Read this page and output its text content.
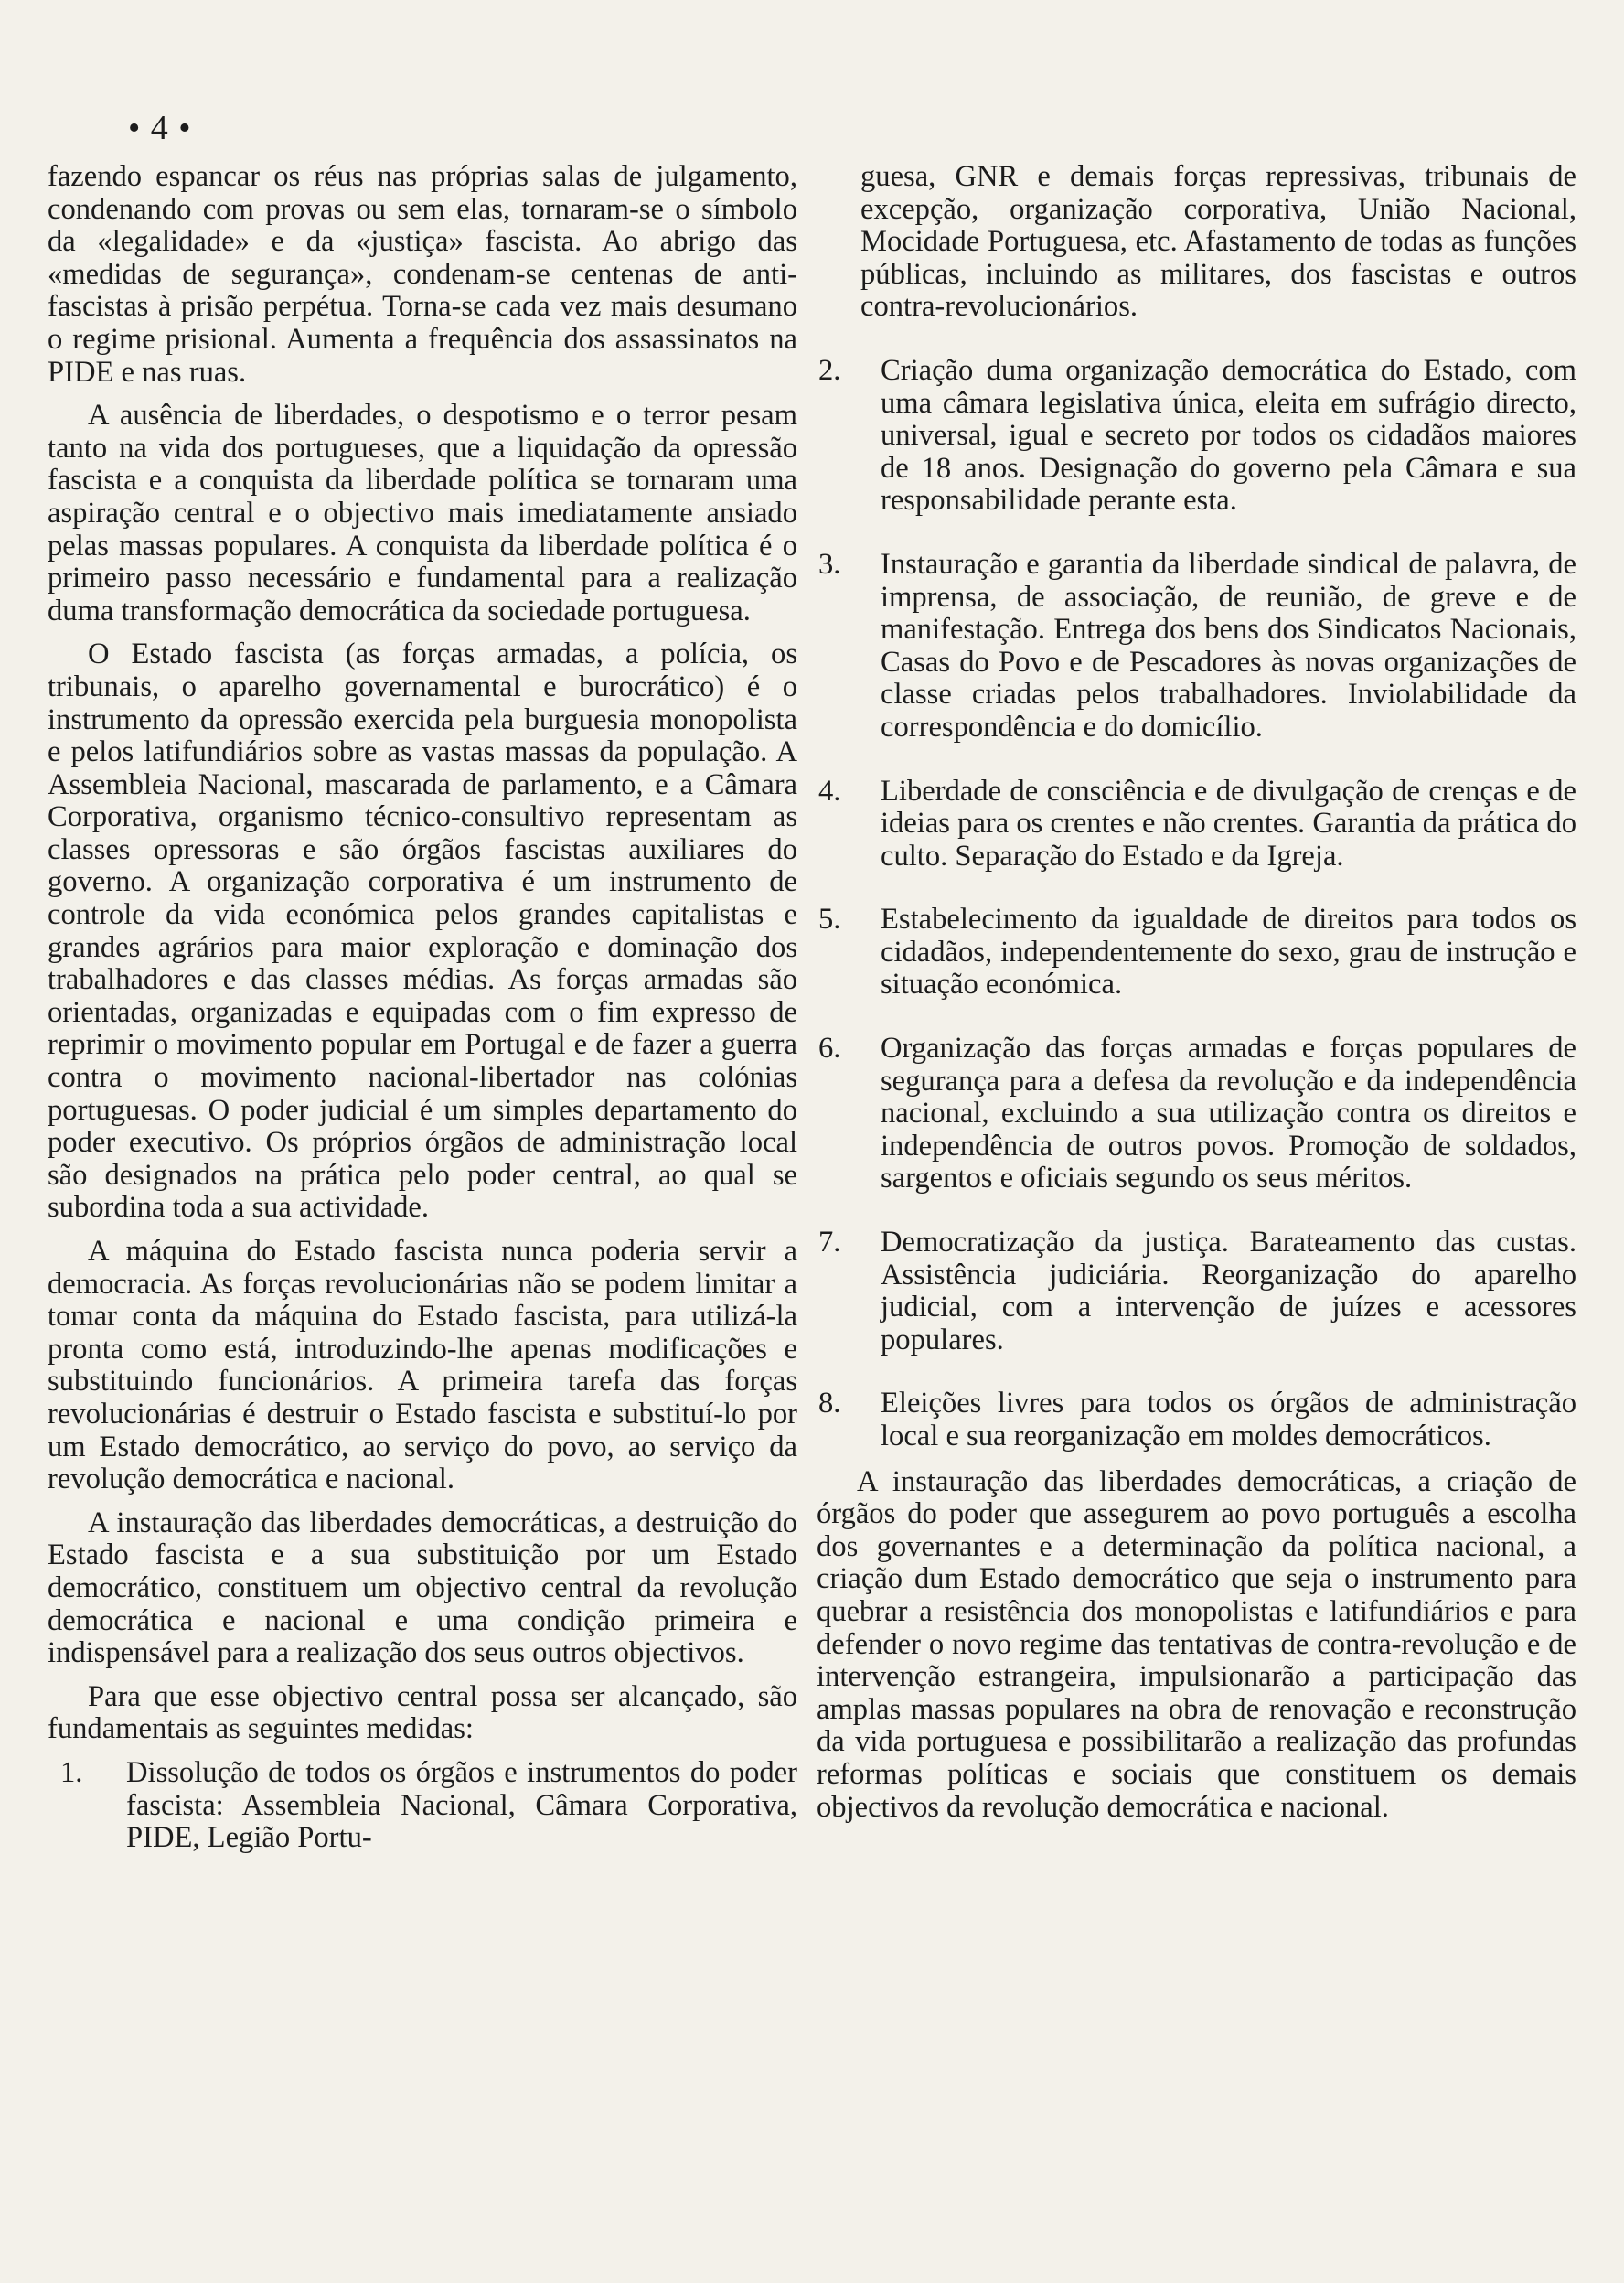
• 4 •

fazendo espancar os réus nas próprias salas de julgamento, condenando com provas ou sem elas, tornaram-se o símbolo da «legalidade» e da «justiça» fascista. Ao abrigo das «medidas de segurança», condenam-se centenas de anti-fascistas à prisão perpétua. Torna-se cada vez mais desumano o regime prisional. Aumenta a frequência dos assassinatos na PIDE e nas ruas.

A ausência de liberdades, o despotismo e o terror pesam tanto na vida dos portugueses, que a liquidação da opressão fascista e a conquista da liberdade política se tornaram uma aspiração central e o objectivo mais imediatamente ansiado pelas massas populares. A conquista da liberdade política é o primeiro passo necessário e fundamental para a realização duma transformação democrática da sociedade portuguesa.

O Estado fascista (as forças armadas, a polícia, os tribunais, o aparelho governamental e burocrático) é o instrumento da opressão exercida pela burguesia monopolista e pelos latifundiários sobre as vastas massas da população. A Assembleia Nacional, mascarada de parlamento, e a Câmara Corporativa, organismo técnico-consultivo representam as classes opressoras e são órgãos fascistas auxiliares do governo. A organização corporativa é um instrumento de controle da vida económica pelos grandes capitalistas e grandes agrários para maior exploração e dominação dos trabalhadores e das classes médias. As forças armadas são orientadas, organizadas e equipadas com o fim expresso de reprimir o movimento popular em Portugal e de fazer a guerra contra o movimento nacional-libertador nas colónias portuguesas. O poder judicial é um simples departamento do poder executivo. Os próprios órgãos de administração local são designados na prática pelo poder central, ao qual se subordina toda a sua actividade.

A máquina do Estado fascista nunca poderia servir a democracia. As forças revolucionárias não se podem limitar a tomar conta da máquina do Estado fascista, para utilizá-la pronta como está, introduzindo-lhe apenas modificações e substituindo funcionários. A primeira tarefa das forças revolucionárias é destruir o Estado fascista e substituí-lo por um Estado democrático, ao serviço do povo, ao serviço da revolução democrática e nacional.

A instauração das liberdades democráticas, a destruição do Estado fascista e a sua substituição por um Estado democrático, constituem um objectivo central da revolução democrática e nacional e uma condição primeira e indispensável para a realização dos seus outros objectivos.

Para que esse objectivo central possa ser alcançado, são fundamentais as seguintes medidas:

1.	Dissolução de todos os órgãos e instrumentos do poder fascista: Assembleia Nacional, Câmara Corporativa, PIDE, Legião Portu-
guesa, GNR e demais forças repressivas, tribunais de excepção, organização corporativa, União Nacional, Mocidade Portuguesa, etc. Afastamento de todas as funções públicas, incluindo as militares, dos fascistas e outros contra-revolucionários.
2.	Criação duma organização democrática do Estado, com uma câmara legislativa única, eleita em sufrágio directo, universal, igual e secreto por todos os cidadãos maiores de 18 anos. Designação do governo pela Câmara e sua responsabilidade perante esta.
3.	Instauração e garantia da liberdade sindical de palavra, de imprensa, de associação, de reunião, de greve e de manifestação. Entrega dos bens dos Sindicatos Nacionais, Casas do Povo e de Pescadores às novas organizações de classe criadas pelos trabalhadores. Inviolabilidade da correspondência e do domicílio.
4.	Liberdade de consciência e de divulgação de crenças e de ideias para os crentes e não crentes. Garantia da prática do culto. Separação do Estado e da Igreja.
5.	Estabelecimento da igualdade de direitos para todos os cidadãos, independentemente do sexo, grau de instrução e situação económica.
6.	Organização das forças armadas e forças populares de segurança para a defesa da revolução e da independência nacional, excluindo a sua utilização contra os direitos e independência de outros povos. Promoção de soldados, sargentos e oficiais segundo os seus méritos.
7.	Democratização da justiça. Barateamento das custas. Assistência judiciária. Reorganização do aparelho judicial, com a intervenção de juízes e acessores populares.
8.	Eleições livres para todos os órgãos de administração local e sua reorganização em moldes democráticos.

A instauração das liberdades democráticas, a criação de órgãos do poder que assegurem ao povo português a escolha dos governantes e a determinação da política nacional, a criação dum Estado democrático que seja o instrumento para quebrar a resistência dos monopolistas e latifundiários e para defender o novo regime das tentativas de contra-revolução e de intervenção estrangeira, impulsionarão a participação das amplas massas populares na obra de renovação e reconstrução da vida portuguesa e possibilitarão a realização das profundas reformas políticas e sociais que constituem os demais objectivos da revolução democrática e nacional.
